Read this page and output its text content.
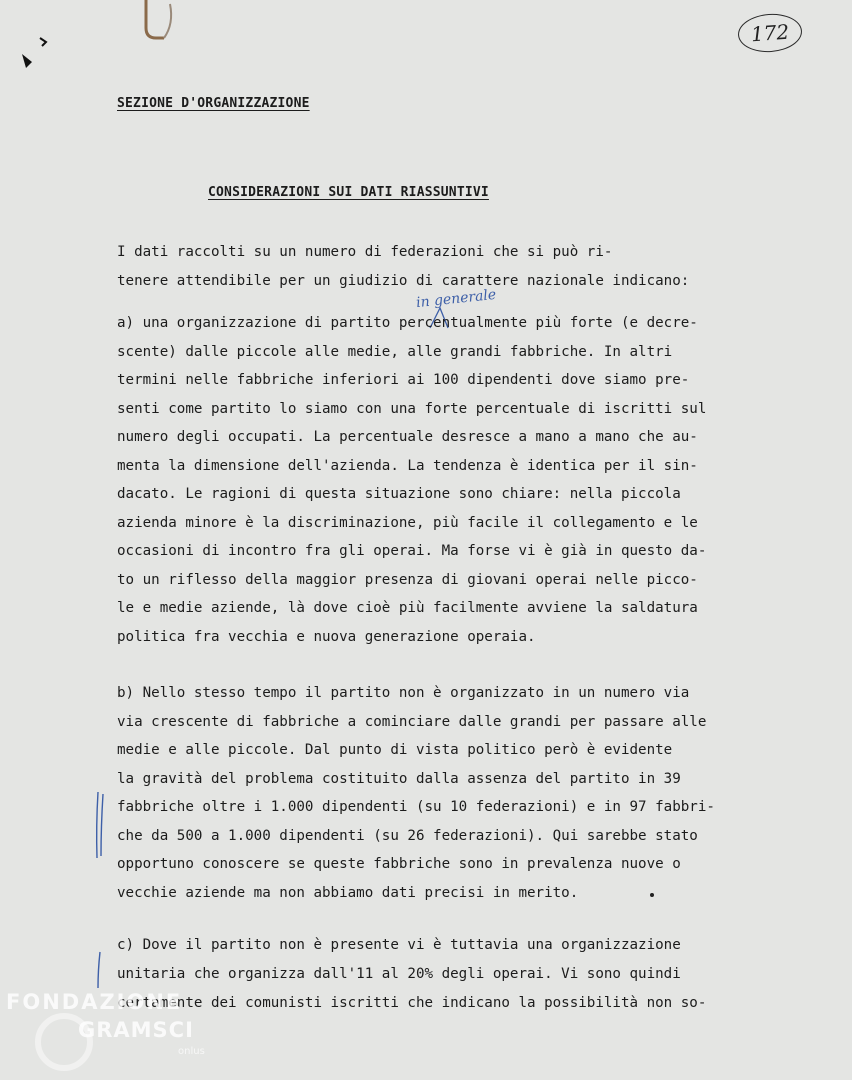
172
SEZIONE D'ORGANIZZAZIONE
CONSIDERAZIONI SUI DATI RIASSUNTIVI
in generale
I dati raccolti su un numero di federazioni che si può ri-
tenere attendibile per un giudizio di carattere nazionale indicano:
a) una organizzazione di partito percentualmente più forte (e decre-
scente) dalle piccole alle medie, alle grandi fabbriche. In altri
termini nelle fabbriche inferiori ai 100 dipendenti dove siamo pre-
senti come partito lo siamo con una forte percentuale di iscritti sul
numero degli occupati. La percentuale desresce a mano a mano che au-
menta la dimensione dell'azienda. La tendenza è identica per il sin-
dacato. Le ragioni di questa situazione sono chiare: nella piccola
azienda minore è la discriminazione, più facile il collegamento e le
occasioni di incontro fra gli operai. Ma forse vi è già in questo da-
to un riflesso della maggior presenza di giovani operai nelle picco-
le e medie aziende, là dove cioè più facilmente avviene la saldatura
politica fra vecchia e nuova generazione operaia.
b) Nello stesso tempo il partito non è organizzato in un numero via
via crescente di fabbriche a cominciare dalle grandi per passare alle
medie e alle piccole. Dal punto di vista politico però è evidente
la gravità del problema costituito dalla assenza del partito in 39
fabbriche oltre i 1.000 dipendenti (su 10 federazioni) e in 97 fabbri-
che da 500 a 1.000 dipendenti (su 26 federazioni). Qui sarebbe stato
opportuno conoscere se queste fabbriche sono in prevalenza nuove o
vecchie aziende ma non abbiamo dati precisi in merito.
c) Dove il partito non è presente vi è tuttavia una organizzazione
unitaria che organizza dall'11 al 20% degli operai. Vi sono quindi
certamente dei comunisti iscritti che indicano la possibilità non so-
FONDAZIONE
GRAMSCI
onlus
